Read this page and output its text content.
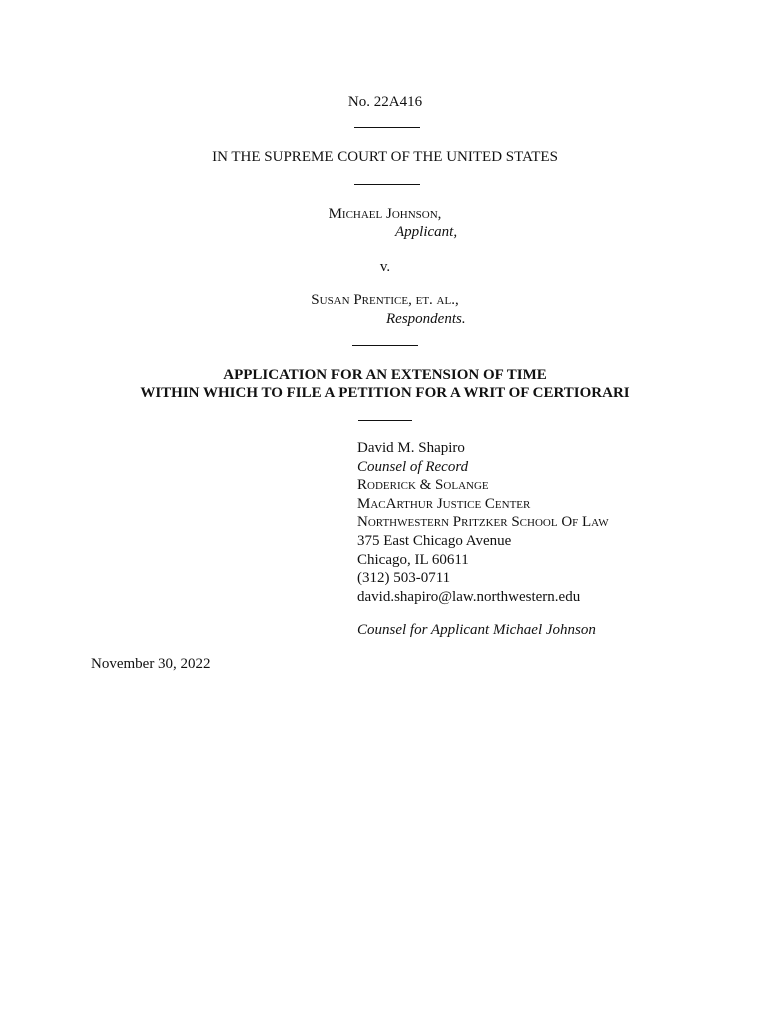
No. 22A416
IN THE SUPREME COURT OF THE UNITED STATES
Michael Johnson,
Applicant,
v.
Susan Prentice, et. al.,
Respondents.
APPLICATION FOR AN EXTENSION OF TIME
WITHIN WHICH TO FILE A PETITION FOR A WRIT OF CERTIORARI
David M. Shapiro
Counsel of Record
Roderick & Solange
MacArthur Justice Center
Northwestern Pritzker School Of Law
375 East Chicago Avenue
Chicago, IL 60611
(312) 503-0711
david.shapiro@law.northwestern.edu
Counsel for Applicant Michael Johnson
November 30, 2022
